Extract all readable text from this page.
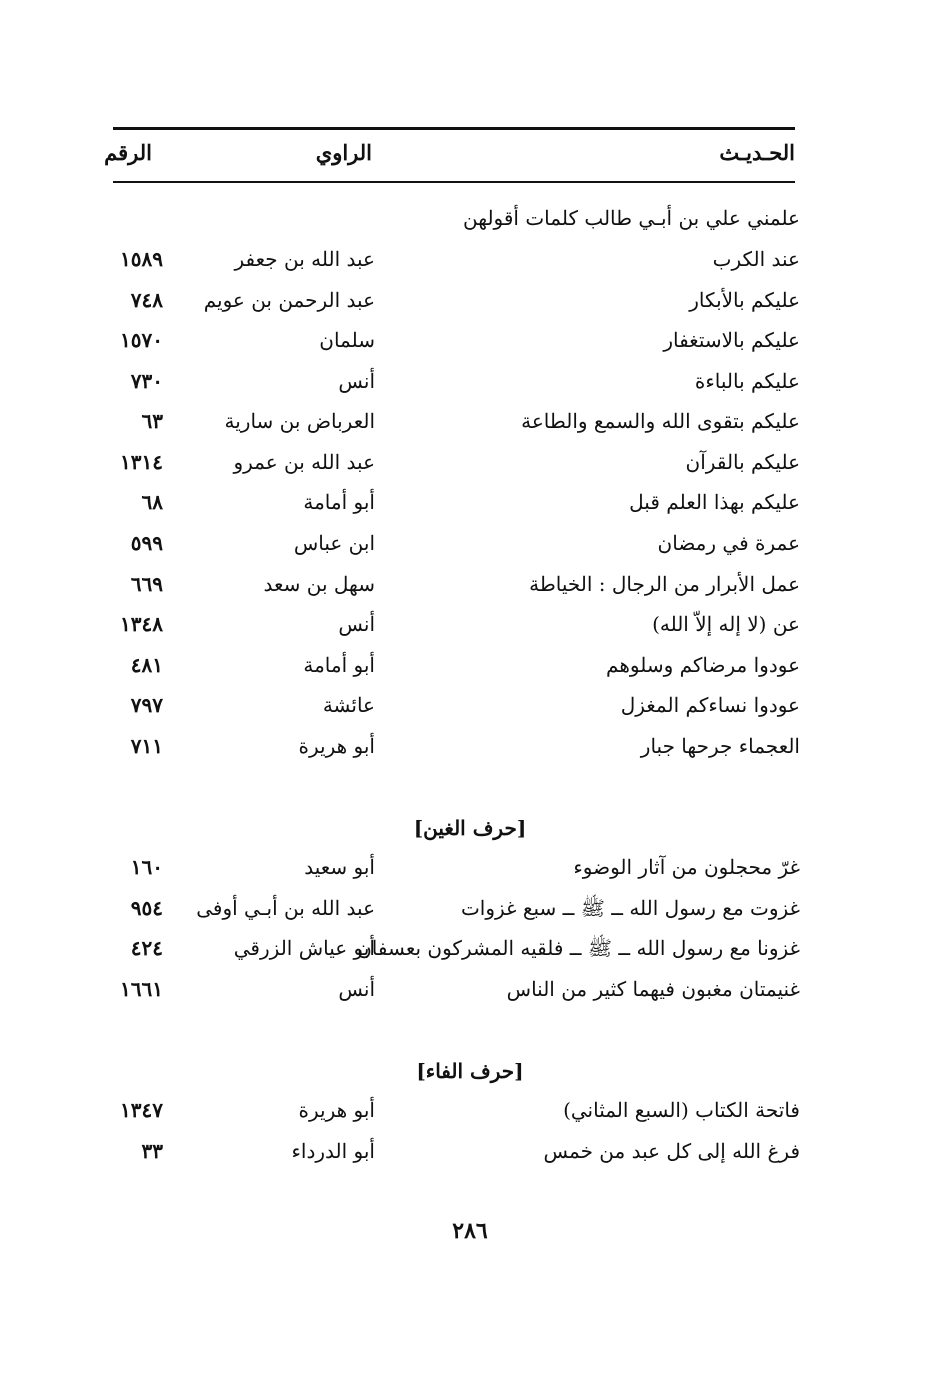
الحـديـث
الراوي
الرقم
علمني علي بن أبـي طالب كلمات أقولهن
عند الكرب
عبد الله بن جعفر
١٥٨٩
عليكم بالأبكار
عبد الرحمن بن عويم
٧٤٨
عليكم بالاستغفار
سلمان
١٥٧٠
عليكم بالباءة
أنس
٧٣٠
عليكم بتقوى الله والسمع والطاعة
العرباض بن سارية
٦٣
عليكم بالقرآن
عبد الله بن عمرو
١٣١٤
عليكم بهذا العلم قبل
أبو أمامة
٦٨
عمرة في رمضان
ابن عباس
٥٩٩
عمل الأبرار من الرجال : الخياطة
سهل بن سعد
٦٦٩
عن (لا إله إلاّ الله)
أنس
١٣٤٨
عودوا مرضاكم وسلوهم
أبو أمامة
٤٨١
عودوا نساءكم المغزل
عائشة
٧٩٧
العجماء جرحها جبار
أبو هريرة
٧١١
[حرف الغين]
غرّ محجلون من آثار الوضوء
أبو سعيد
١٦٠
غزوت مع رسول الله ــ ﷺ ــ سبع غزوات
عبد الله بن أبـي أوفى
٩٥٤
غزونا مع رسول الله ــ ﷺ ــ فلقيه المشركون بعسفان
أبو عياش الزرقي
٤٢٤
غنيمتان مغبون فيهما كثير من الناس
أنس
١٦٦١
[حرف الفاء]
فاتحة الكتاب (السبع المثاني)
أبو هريرة
١٣٤٧
فرغ الله إلى كل عبد من خمس
أبو الدرداء
٣٣
٢٨٦
